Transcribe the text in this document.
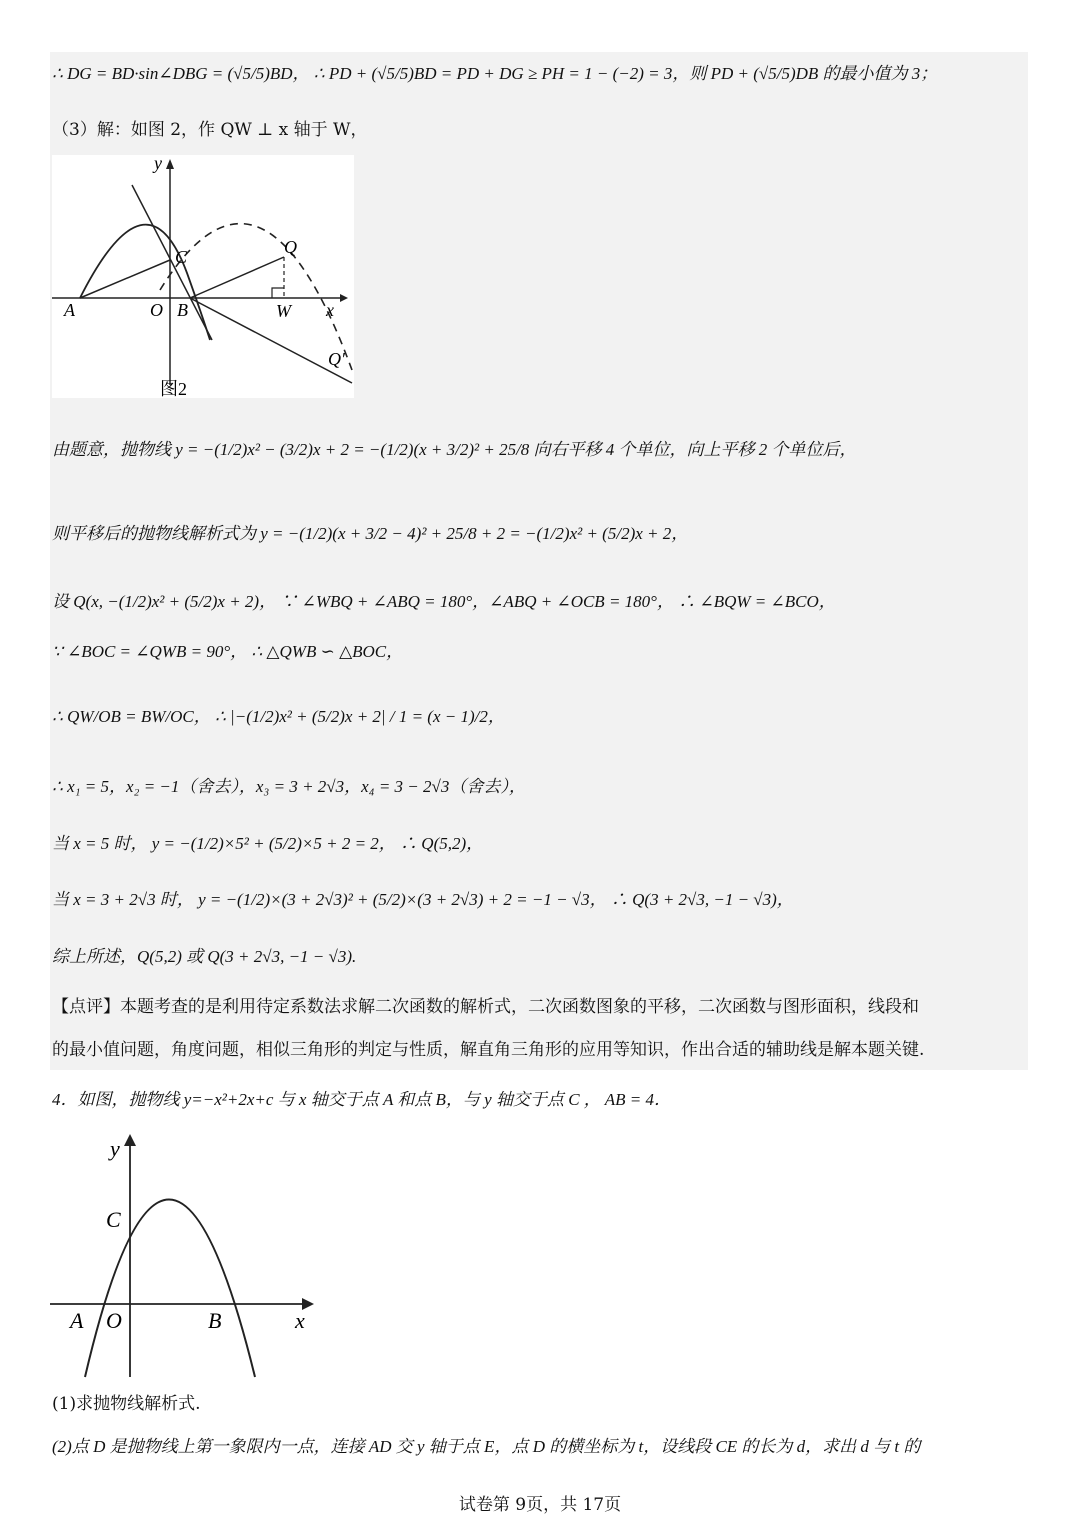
∴ DG = BD·sin∠DBG = (√5/5)BD， ∴ PD + (√5/5)BD = PD + DG ≥ PH = 1 − (−2) = 3，则 PD + (√5/5)DB 的最小值为 3；
（3）解：如图 2，作 QW ⊥ x 轴于 W，
y
x
A	O B
C	Q
W
Q′
图2
由题意，抛物线 y = −(1/2)x² − (3/2)x + 2 = −(1/2)(x + 3/2)² + 25/8 向右平移 4 个单位，向上平移 2 个单位后，
则平移后的抛物线解析式为 y = −(1/2)(x + 3/2 − 4)² + 25/8 + 2 = −(1/2)x² + (5/2)x + 2，
设 Q(x, −(1/2)x² + (5/2)x + 2)， ∵ ∠WBQ + ∠ABQ = 180°，∠ABQ + ∠OCB = 180°， ∴ ∠BQW = ∠BCO，
∵ ∠BOC = ∠QWB = 90°， ∴ △QWB ∽ △BOC，
∴ QW/OB = BW/OC， ∴ |−(1/2)x² + (5/2)x + 2| / 1 = (x − 1)/2，
∴ x₁ = 5，x₂ = −1（舍去），x₃ = 3 + 2√3，x₄ = 3 − 2√3（舍去），
当 x = 5 时， y = −(1/2)×5² + (5/2)×5 + 2 = 2， ∴ Q(5,2)，
当 x = 3 + 2√3 时， y = −(1/2)×(3 + 2√3)² + (5/2)×(3 + 2√3) + 2 = −1 − √3， ∴ Q(3 + 2√3, −1 − √3)，
综上所述，Q(5,2) 或 Q(3 + 2√3, −1 − √3).
【点评】本题考查的是利用待定系数法求解二次函数的解析式，二次函数图象的平移，二次函数与图形面积，线段和
的最小值问题，角度问题，相似三角形的判定与性质，解直角三角形的应用等知识，作出合适的辅助线是解本题关键.
4．如图，抛物线 y=−x²+2x+c 与 x 轴交于点 A 和点 B，与 y 轴交于点 C ， AB = 4．
y
x
A O	B
C
(1)求抛物线解析式.
(2)点 D 是抛物线上第一象限内一点，连接 AD 交 y 轴于点 E，点 D 的横坐标为 t，设线段 CE 的长为 d，求出 d 与 t 的
试卷第 9页，共 17页
